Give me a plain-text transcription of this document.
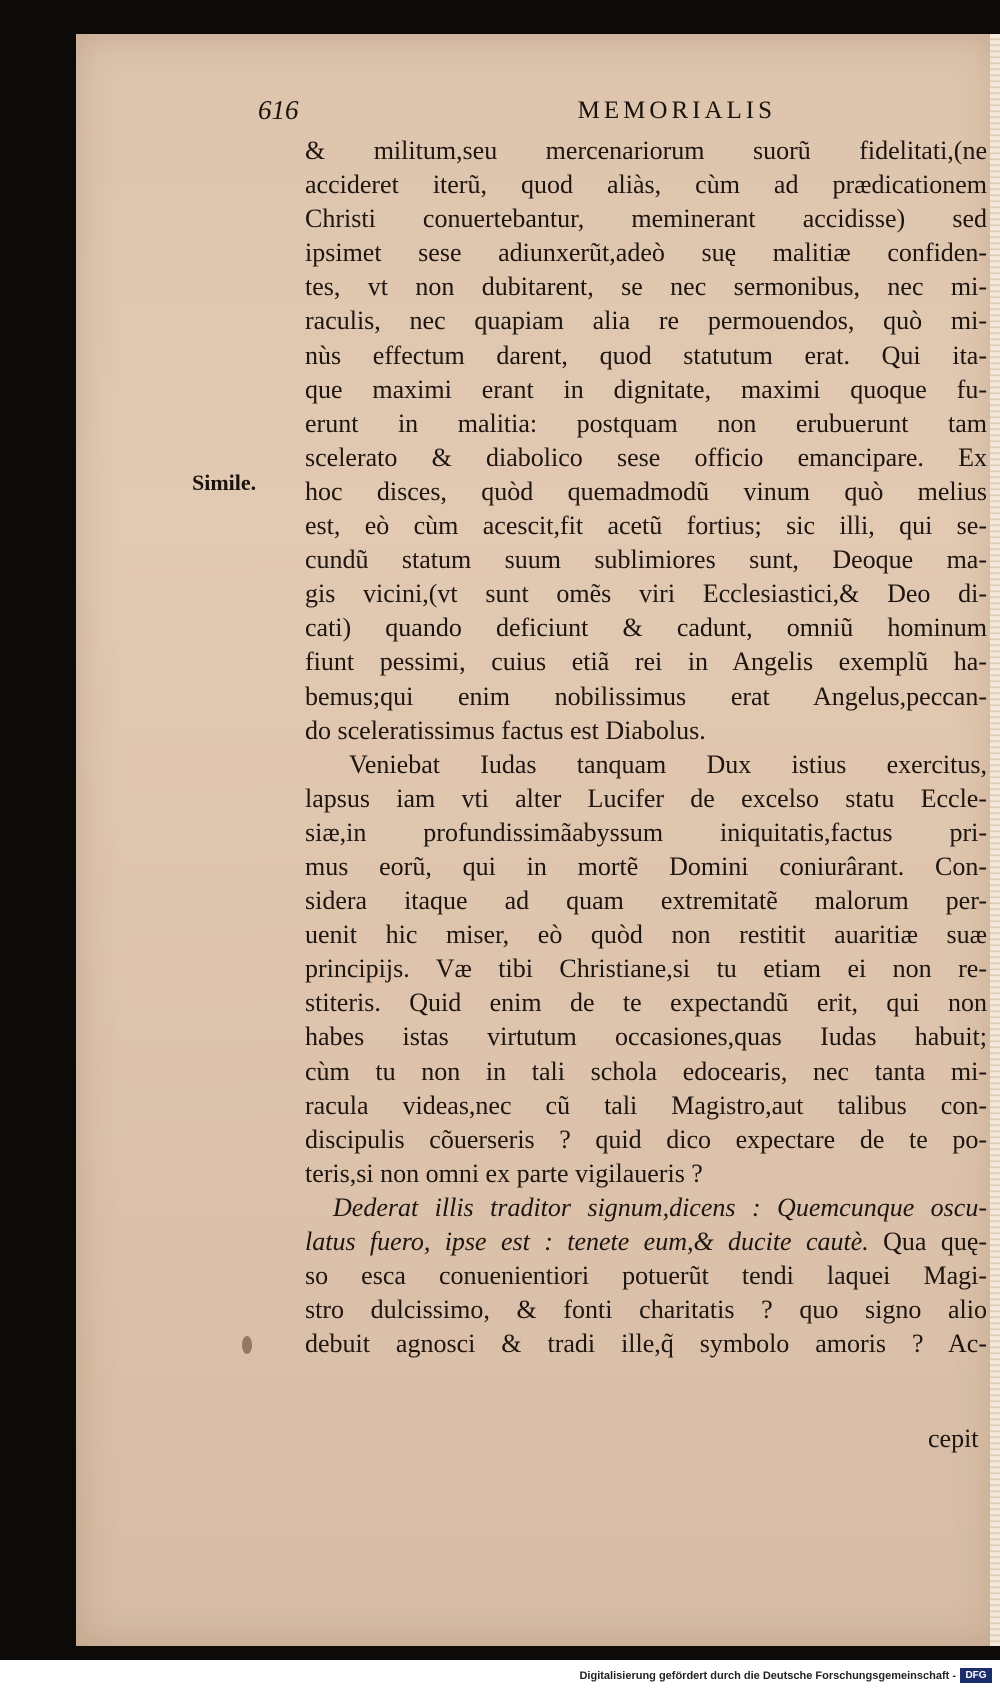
616	MEMORIALIS
Simile.
& militum,seu mercenariorum suorũ fidelitati,(ne
accideret iterũ, quod aliàs, cùm ad prædicationem
Christi conuertebantur, meminerant accidisse) sed
ipsimet sese adiunxerũt,adeò suę malitiæ confiden-
tes, vt non dubitarent, se nec sermonibus, nec mi-
raculis, nec quapiam alia re permouendos, quò mi-
nùs effectum darent, quod statutum erat. Qui ita-
que maximi erant in dignitate, maximi quoque fu-
erunt in malitia: postquam non erubuerunt tam
scelerato & diabolico sese officio emancipare. Ex
hoc disces, quòd quemadmodũ vinum quò melius
est, eò cùm acescit,fit acetũ fortius; sic illi, qui se-
cundũ statum suum sublimiores sunt, Deoque ma-
gis vicini,(vt sunt omẽs viri Ecclesiastici,& Deo di-
cati) quando deficiunt & cadunt, omniũ hominum
fiunt pessimi, cuius etiã rei in Angelis exemplũ ha-
bemus;qui enim nobilissimus erat Angelus,peccan-
do sceleratissimus factus est Diabolus.
Veniebat Iudas tanquam Dux istius exercitus,
lapsus iam vti alter Lucifer de excelso statu Eccle-
siæ,in profundissimãabyssum iniquitatis,factus pri-
mus eorũ, qui in mortẽ Domini coniurârant. Con-
sidera itaque ad quam extremitatẽ malorum per-
uenit hic miser, eò quòd non restitit auaritiæ suæ
principijs. Væ tibi Christiane,si tu etiam ei non re-
stiteris. Quid enim de te expectandũ erit, qui non
habes istas virtutum occasiones,quas Iudas habuit;
cùm tu non in tali schola edocearis, nec tanta mi-
racula videas,nec cũ tali Magistro,aut talibus con-
discipulis cõuerseris ? quid dico expectare de te po-
teris,si non omni ex parte vigilaueris ?
Dederat illis traditor signum,dicens : Quemcunque oscu-
latus fuero, ipse est : tenete eum,& ducite cautè. Qua quę-
so esca conuenientiori potuerũt tendi laquei Magi-
stro dulcissimo, & fonti charitatis ? quo signo alio
debuit agnosci & tradi ille,q̃ symbolo amoris ? Ac-
cepit
Digitalisierung gefördert durch die Deutsche Forschungsgemeinschaft - DFG
